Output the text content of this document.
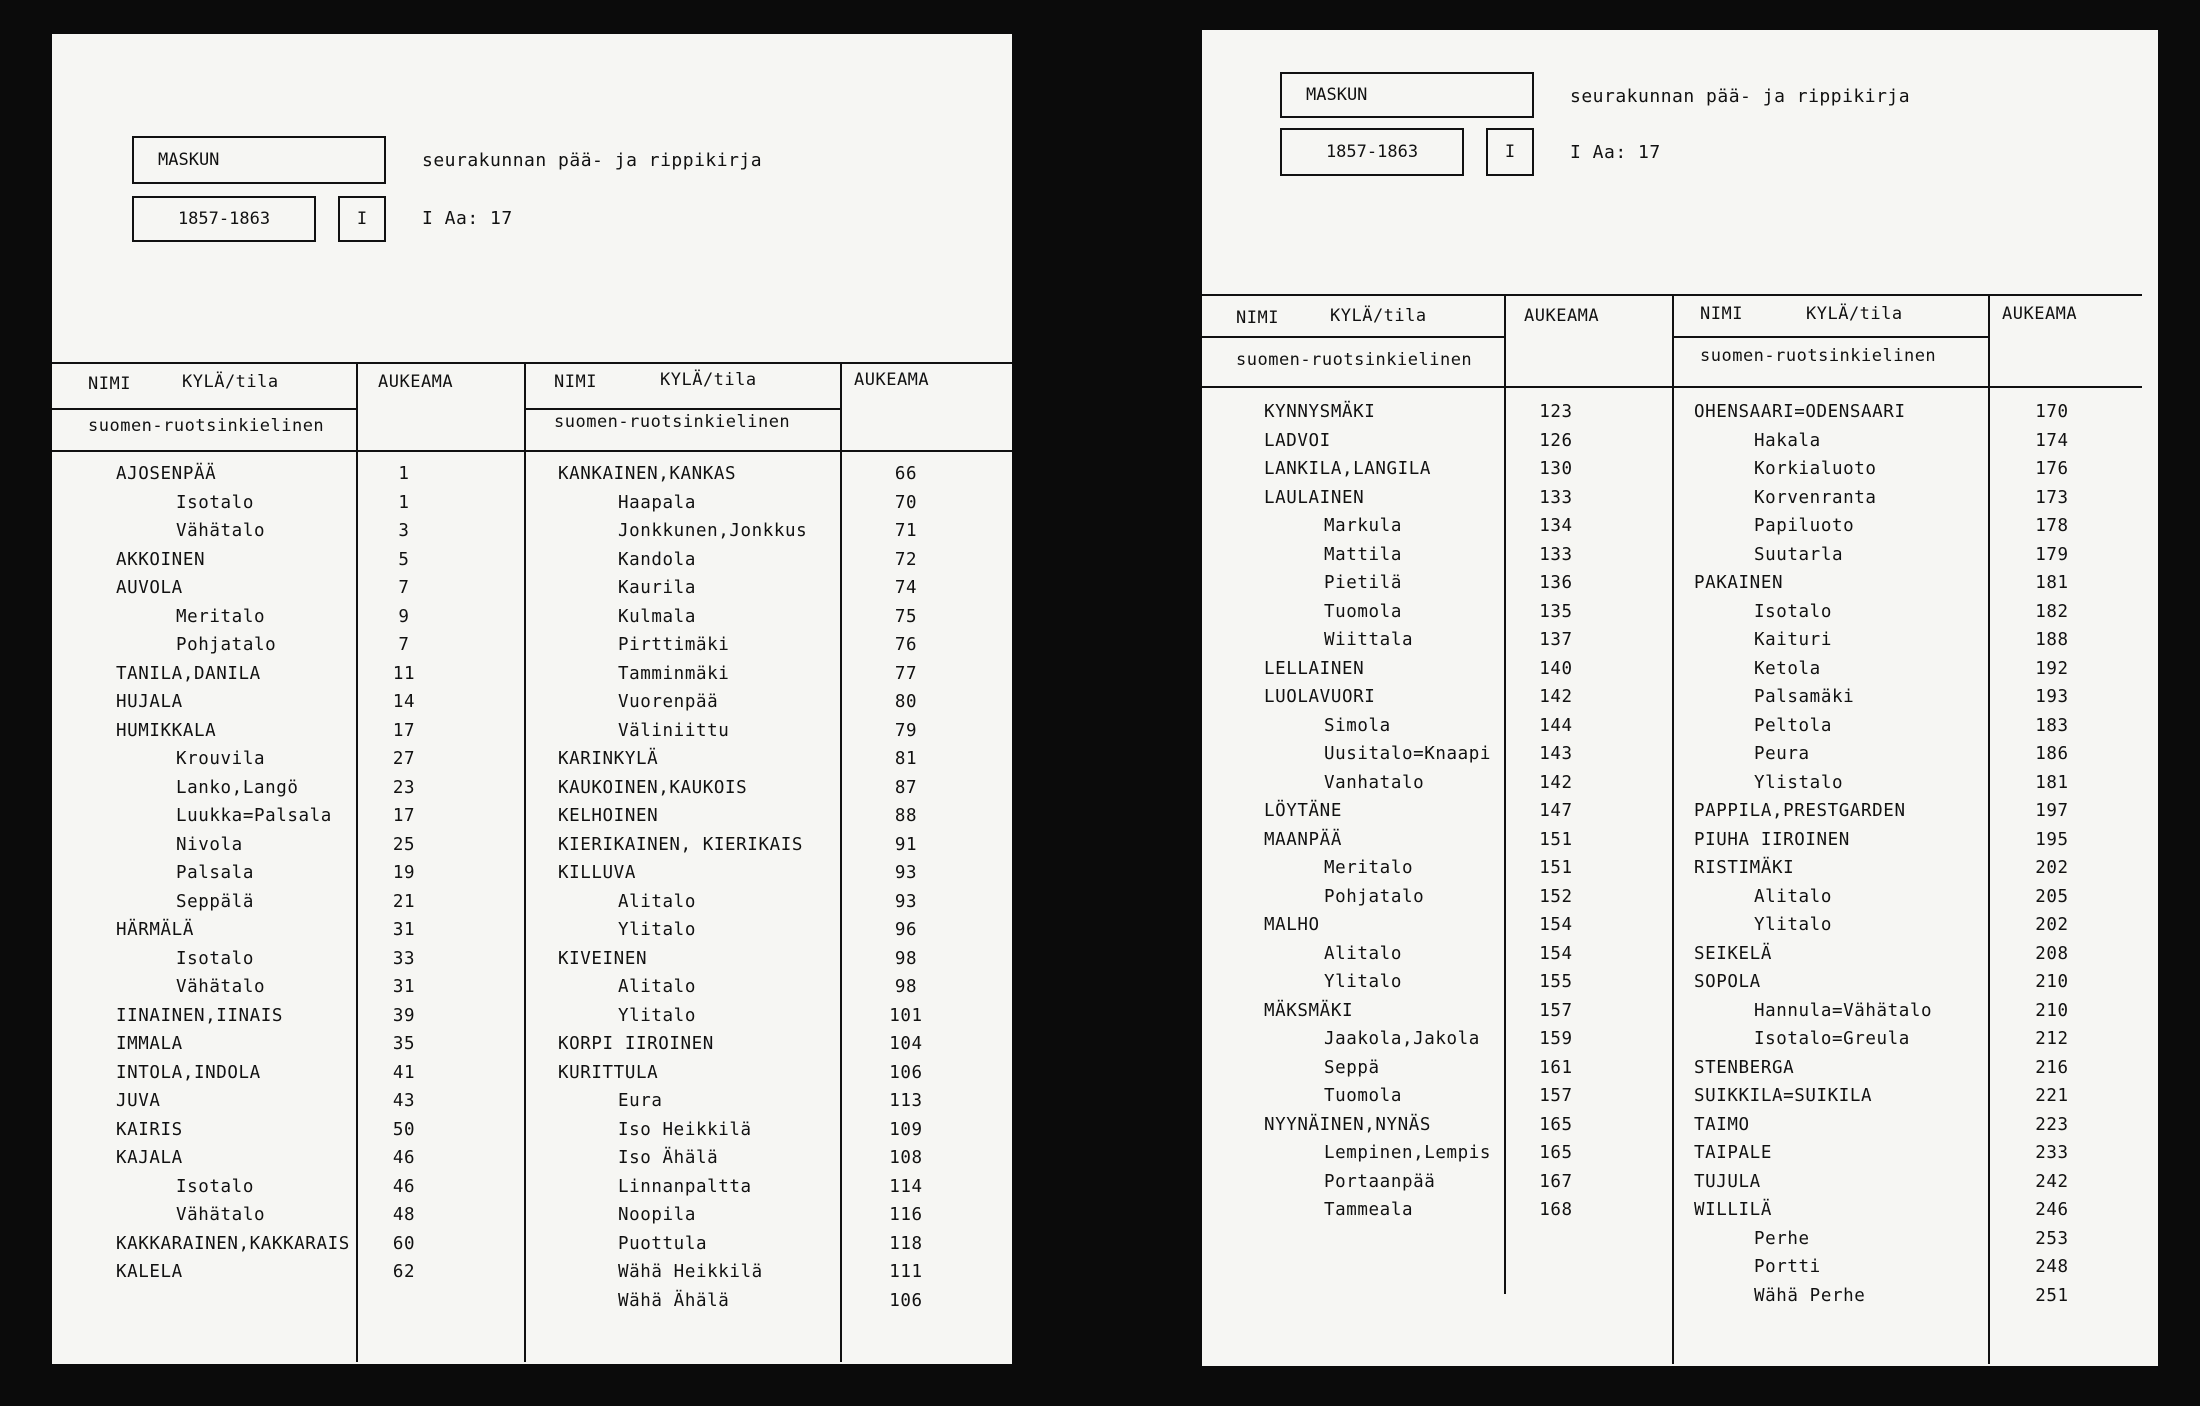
MASKUN
1857-1863	I
seurakunnan pää- ja rippikirja
I Aa: 17
NIMI	KYLÄ/tila
suomen-ruotsinkielinen
AUKEAMA	NIMI	KYLÄ/tila
suomen-ruotsinkielinen
AUKEAMA
AJOSENPÄÄ	1
Isotalo	1
Vähätalo	3
AKKOINEN	5
AUVOLA	7
Meritalo	9
Pohjatalo	7
TANILA,DANILA	11
HUJALA	14
HUMIKKALA	17
Krouvila	27
Lanko,Langö	23
Luukka=Palsala	17
Nivola	25
Palsala	19
Seppälä	21
HÄRMÄLÄ	31
Isotalo	33
Vähätalo	31
IINAINEN,IINAIS	39
IMMALA	35
INTOLA,INDOLA	41
JUVA	43
KAIRIS	50
KAJALA	46
Isotalo	46
Vähätalo	48
KAKKARAINEN,KAKKARAIS	60
KALELA	62
KANKAINEN,KANKAS	66
Haapala	70
Jonkkunen,Jonkkus	71
Kandola	72
Kaurila	74
Kulmala	75
Pirttimäki	76
Tamminmäki	77
Vuorenpää	80
Väliniittu	79
KARINKYLÄ	81
KAUKOINEN,KAUKOIS	87
KELHOINEN	88
KIERIKAINEN, KIERIKAIS	91
KILLUVA	93
Alitalo	93
Ylitalo	96
KIVEINEN	98
Alitalo	98
Ylitalo	101
KORPI IIROINEN	104
KURITTULA	106
Eura	113
Iso Heikkilä	109
Iso Ähälä	108
Linnanpaltta	114
Noopila	116
Puottula	118
Wähä Heikkilä	111
Wähä Ähälä	106
MASKUN
1857-1863	I
seurakunnan pää- ja rippikirja
I Aa: 17
NIMI	KYLÄ/tila
suomen-ruotsinkielinen
AUKEAMA	NIMI	KYLÄ/tila
suomen-ruotsinkielinen
AUKEAMA
KYNNYSMÄKI	123
LADVOI	126
LANKILA,LANGILA	130
LAULAINEN	133
Markula	134
Mattila	133
Pietilä	136
Tuomola	135
Wiittala	137
LELLAINEN	140
LUOLAVUORI	142
Simola	144
Uusitalo=Knaapi	143
Vanhatalo	142
LÖYTÄNE	147
MAANPÄÄ	151
Meritalo	151
Pohjatalo	152
MALHO	154
Alitalo	154
Ylitalo	155
MÄKSMÄKI	157
Jaakola,Jakola	159
Seppä	161
Tuomola	157
NYYNÄINEN,NYNÄS	165
Lempinen,Lempis	165
Portaanpää	167
Tammeala	168
OHENSAARI=ODENSAARI	170
Hakala	174
Korkialuoto	176
Korvenranta	173
Papiluoto	178
Suutarla	179
PAKAINEN	181
Isotalo	182
Kaituri	188
Ketola	192
Palsamäki	193
Peltola	183
Peura	186
Ylistalo	181
PAPPILA,PRESTGARDEN	197
PIUHA IIROINEN	195
RISTIMÄKI	202
Alitalo	205
Ylitalo	202
SEIKELÄ	208
SOPOLA	210
Hannula=Vähätalo	210
Isotalo=Greula	212
STENBERGA	216
SUIKKILA=SUIKILA	221
TAIMO	223
TAIPALE	233
TUJULA	242
WILLILÄ	246
Perhe	253
Portti	248
Wähä Perhe	251
